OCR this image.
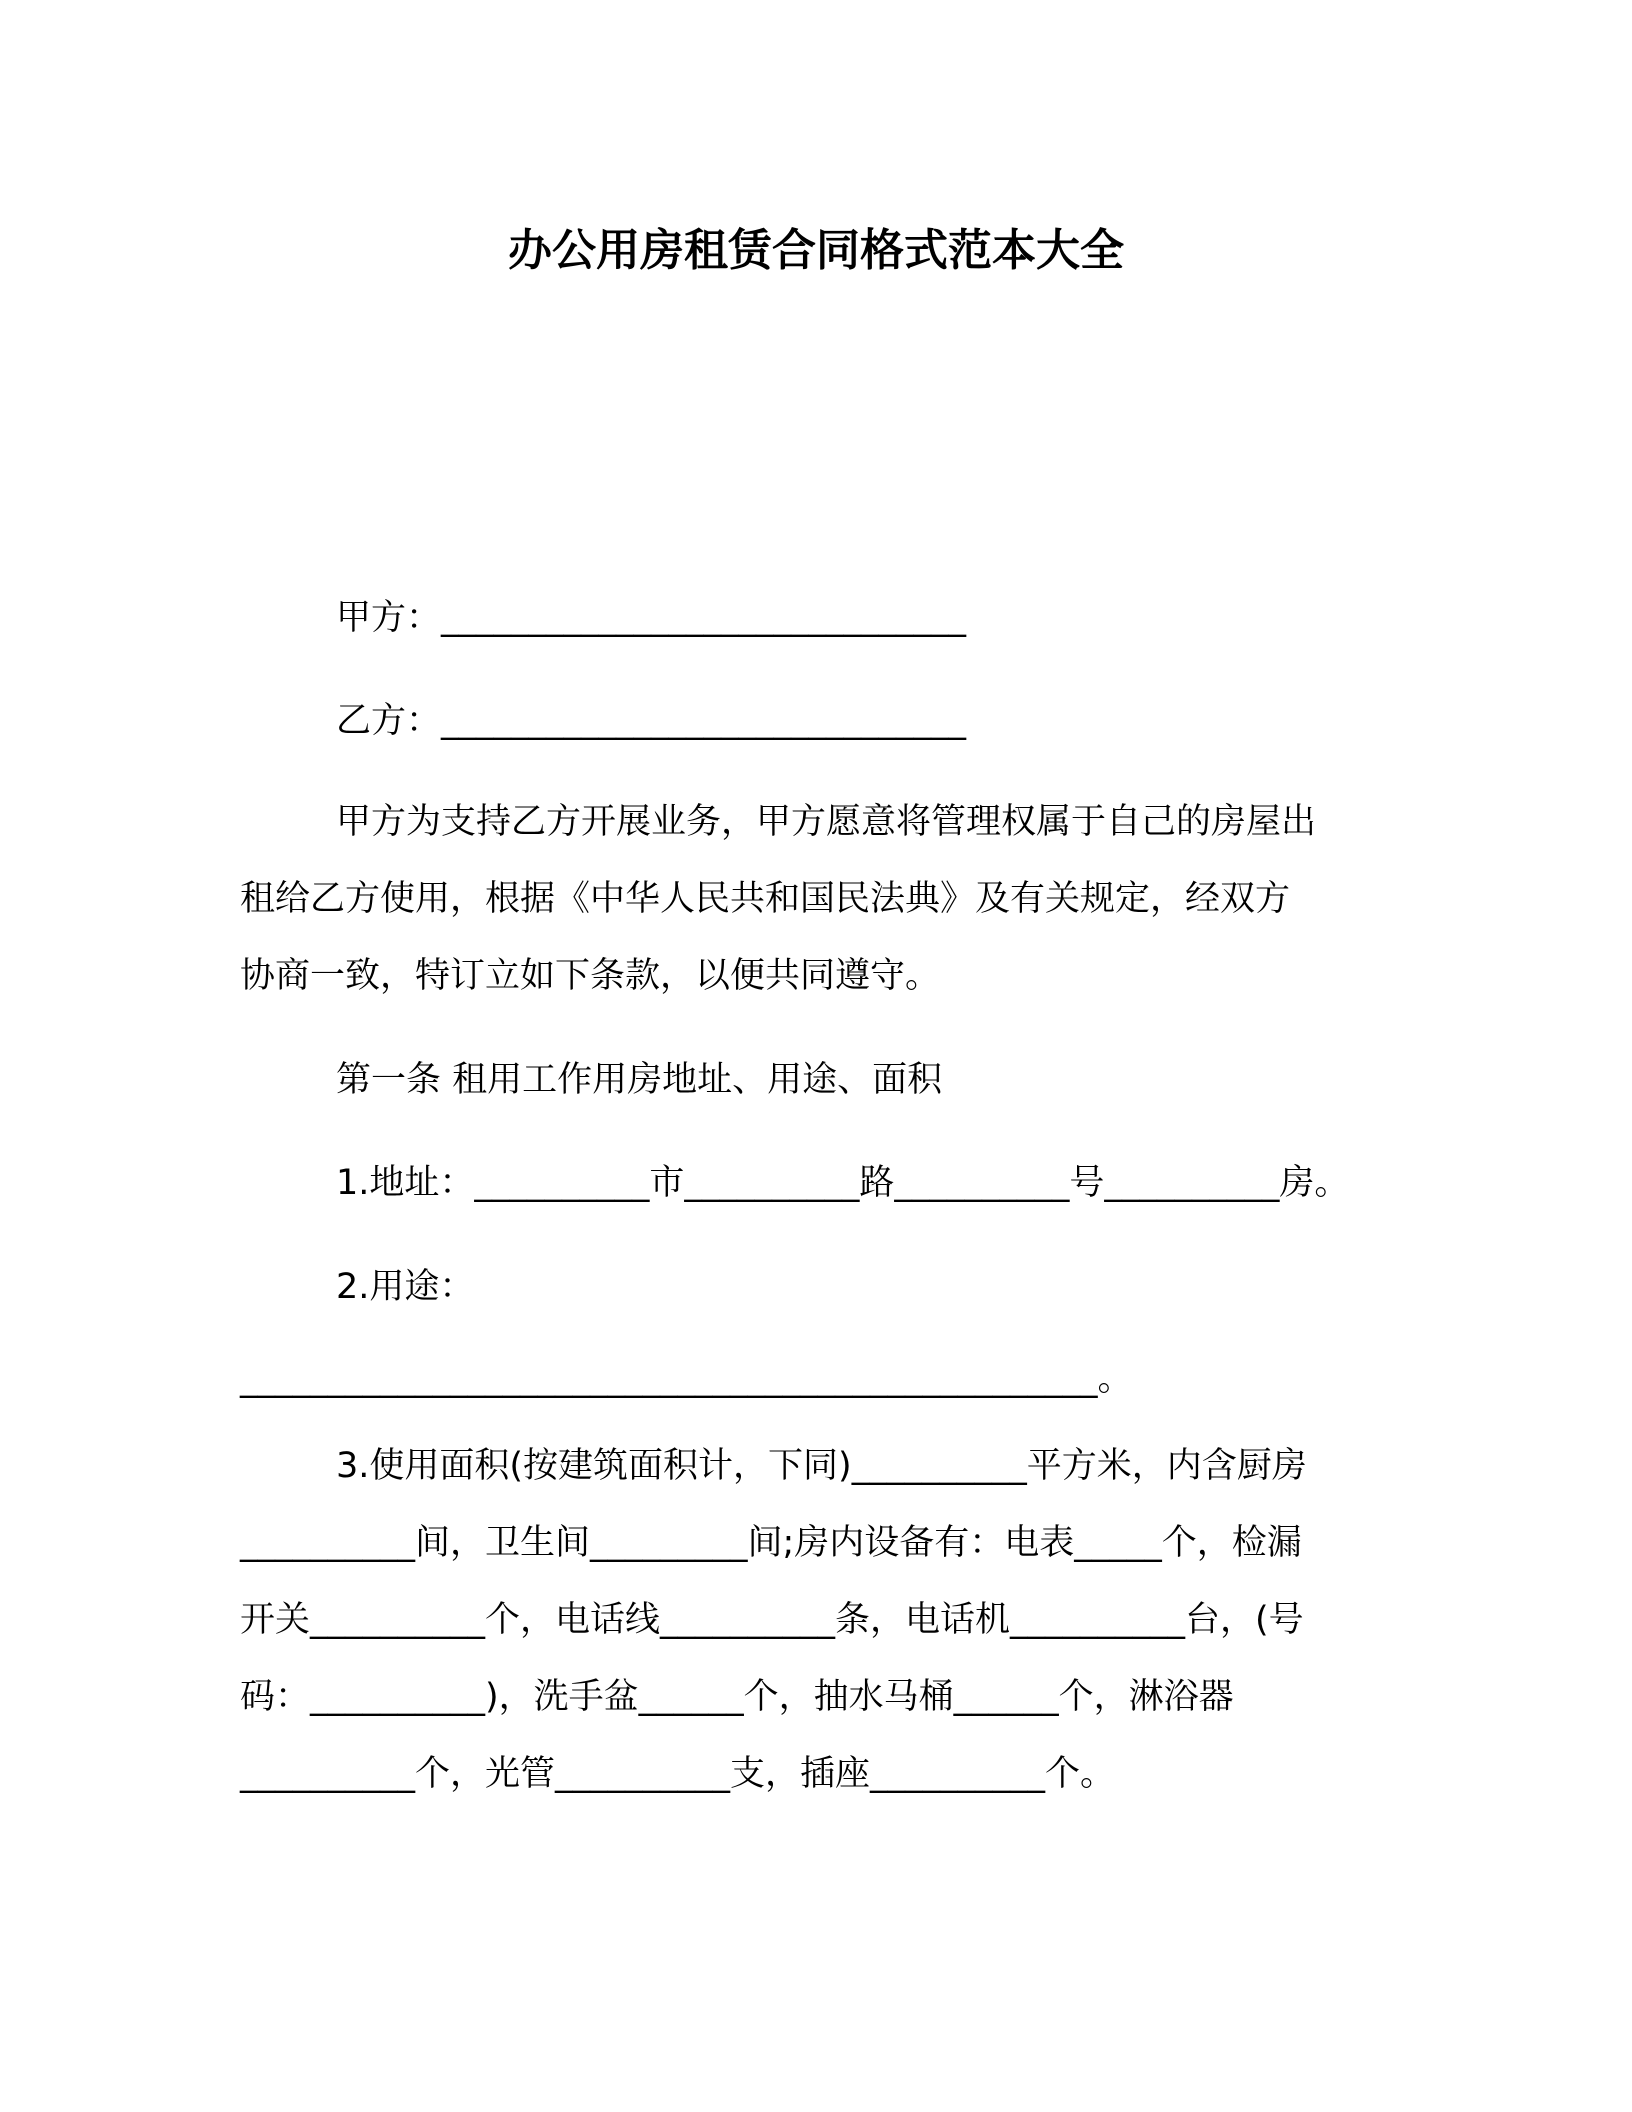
办公用房租赁合同格式范本大全
甲方：______________________________
乙方：______________________________
甲方为支持乙方开展业务，甲方愿意将管理权属于自己的房屋出
租给乙方使用，根据《中华人民共和国民法典》及有关规定，经双方
协商一致，特订立如下条款，以便共同遵守。
第一条 租用工作用房地址、用途、面积
1.地址：__________市__________路__________号__________房。
2.用途：
_________________________________________________。
3.使用面积(按建筑面积计，下同)__________平方米，内含厨房
__________间，卫生间_________间;房内设备有：电表_____个，检漏
开关__________个，电话线__________条，电话机__________台，(号
码：__________)，洗手盆______个，抽水马桶______个，淋浴器
__________个，光管__________支，插座__________个。
